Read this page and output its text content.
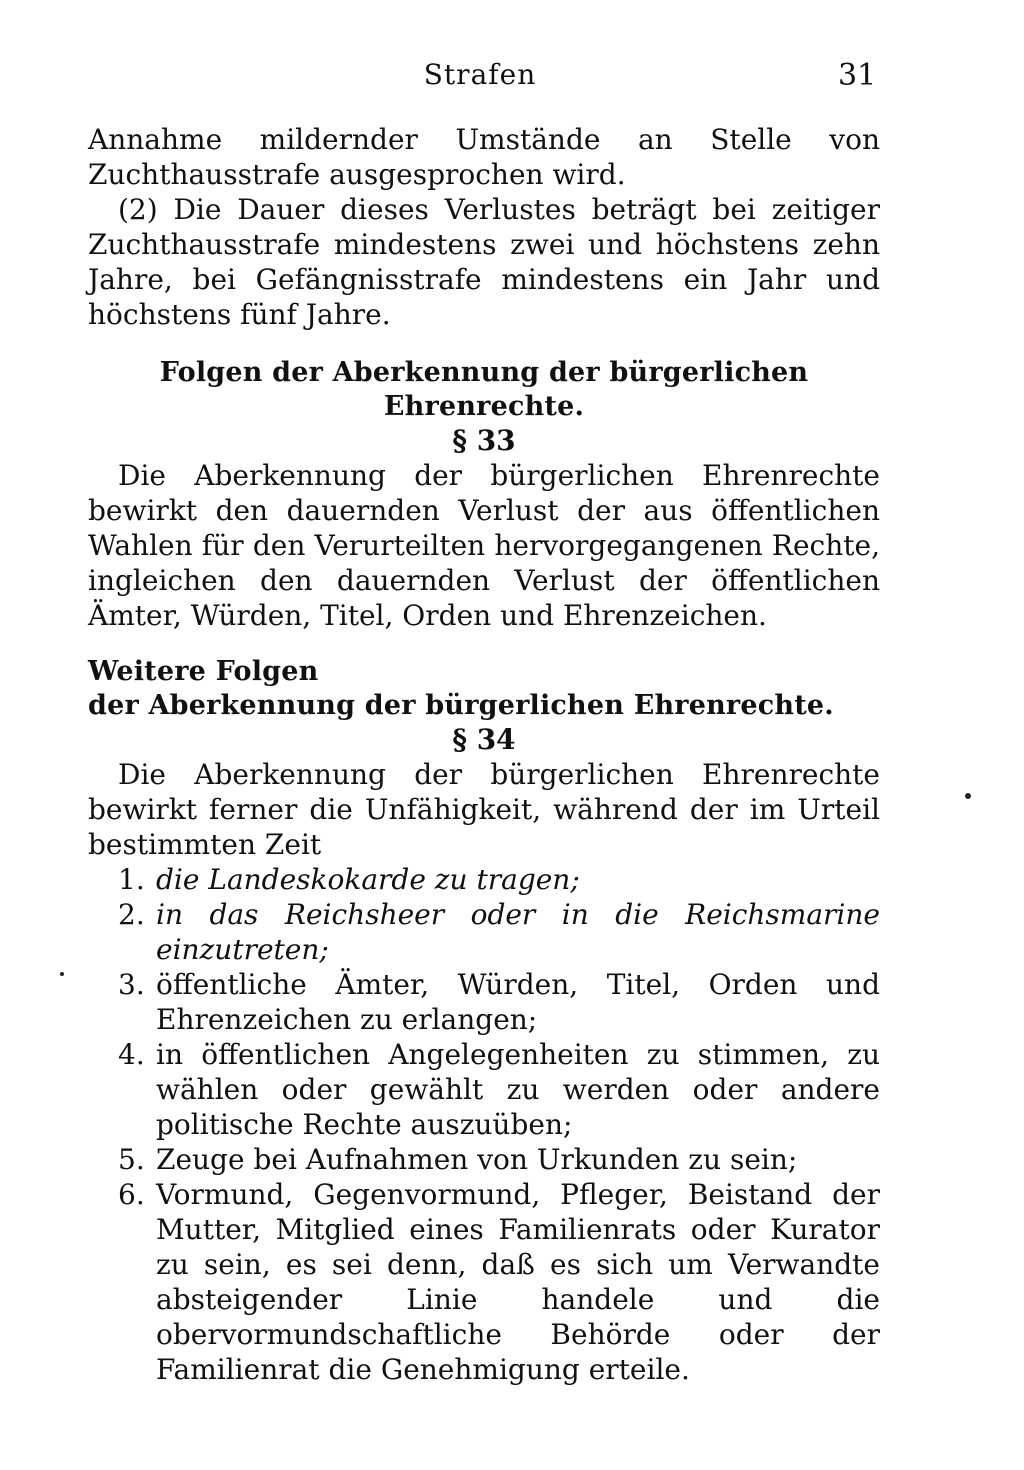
Strafen	31

Annahme mildernder Umstände an Stelle von Zuchthausstrafe ausgesprochen wird.

(2) Die Dauer dieses Verlustes beträgt bei zeitiger Zuchthausstrafe mindestens zwei und höchstens zehn Jahre, bei Gefängnisstrafe mindestens ein Jahr und höchstens fünf Jahre.

Folgen der Aberkennung der bürgerlichen Ehrenrechte.
§ 33

Die Aberkennung der bürgerlichen Ehrenrechte bewirkt den dauernden Verlust der aus öffentlichen Wahlen für den Verurteilten hervorgegangenen Rechte, ingleichen den dauernden Verlust der öffentlichen Ämter, Würden, Titel, Orden und Ehrenzeichen.

Weitere Folgen
der Aberkennung der bürgerlichen Ehrenrechte.
§ 34

Die Aberkennung der bürgerlichen Ehrenrechte bewirkt ferner die Unfähigkeit, während der im Urteil bestimmten Zeit

1. die Landeskokarde zu tragen;
2. in das Reichsheer oder in die Reichsmarine einzutreten;
3. öffentliche Ämter, Würden, Titel, Orden und Ehrenzeichen zu erlangen;
4. in öffentlichen Angelegenheiten zu stimmen, zu wählen oder gewählt zu werden oder andere politische Rechte auszuüben;
5. Zeuge bei Aufnahmen von Urkunden zu sein;
6. Vormund, Gegenvormund, Pfleger, Beistand der Mutter, Mitglied eines Familienrats oder Kurator zu sein, es sei denn, daß es sich um Verwandte absteigender Linie handele und die obervormundschaftliche Behörde oder der Familienrat die Genehmigung erteile.
